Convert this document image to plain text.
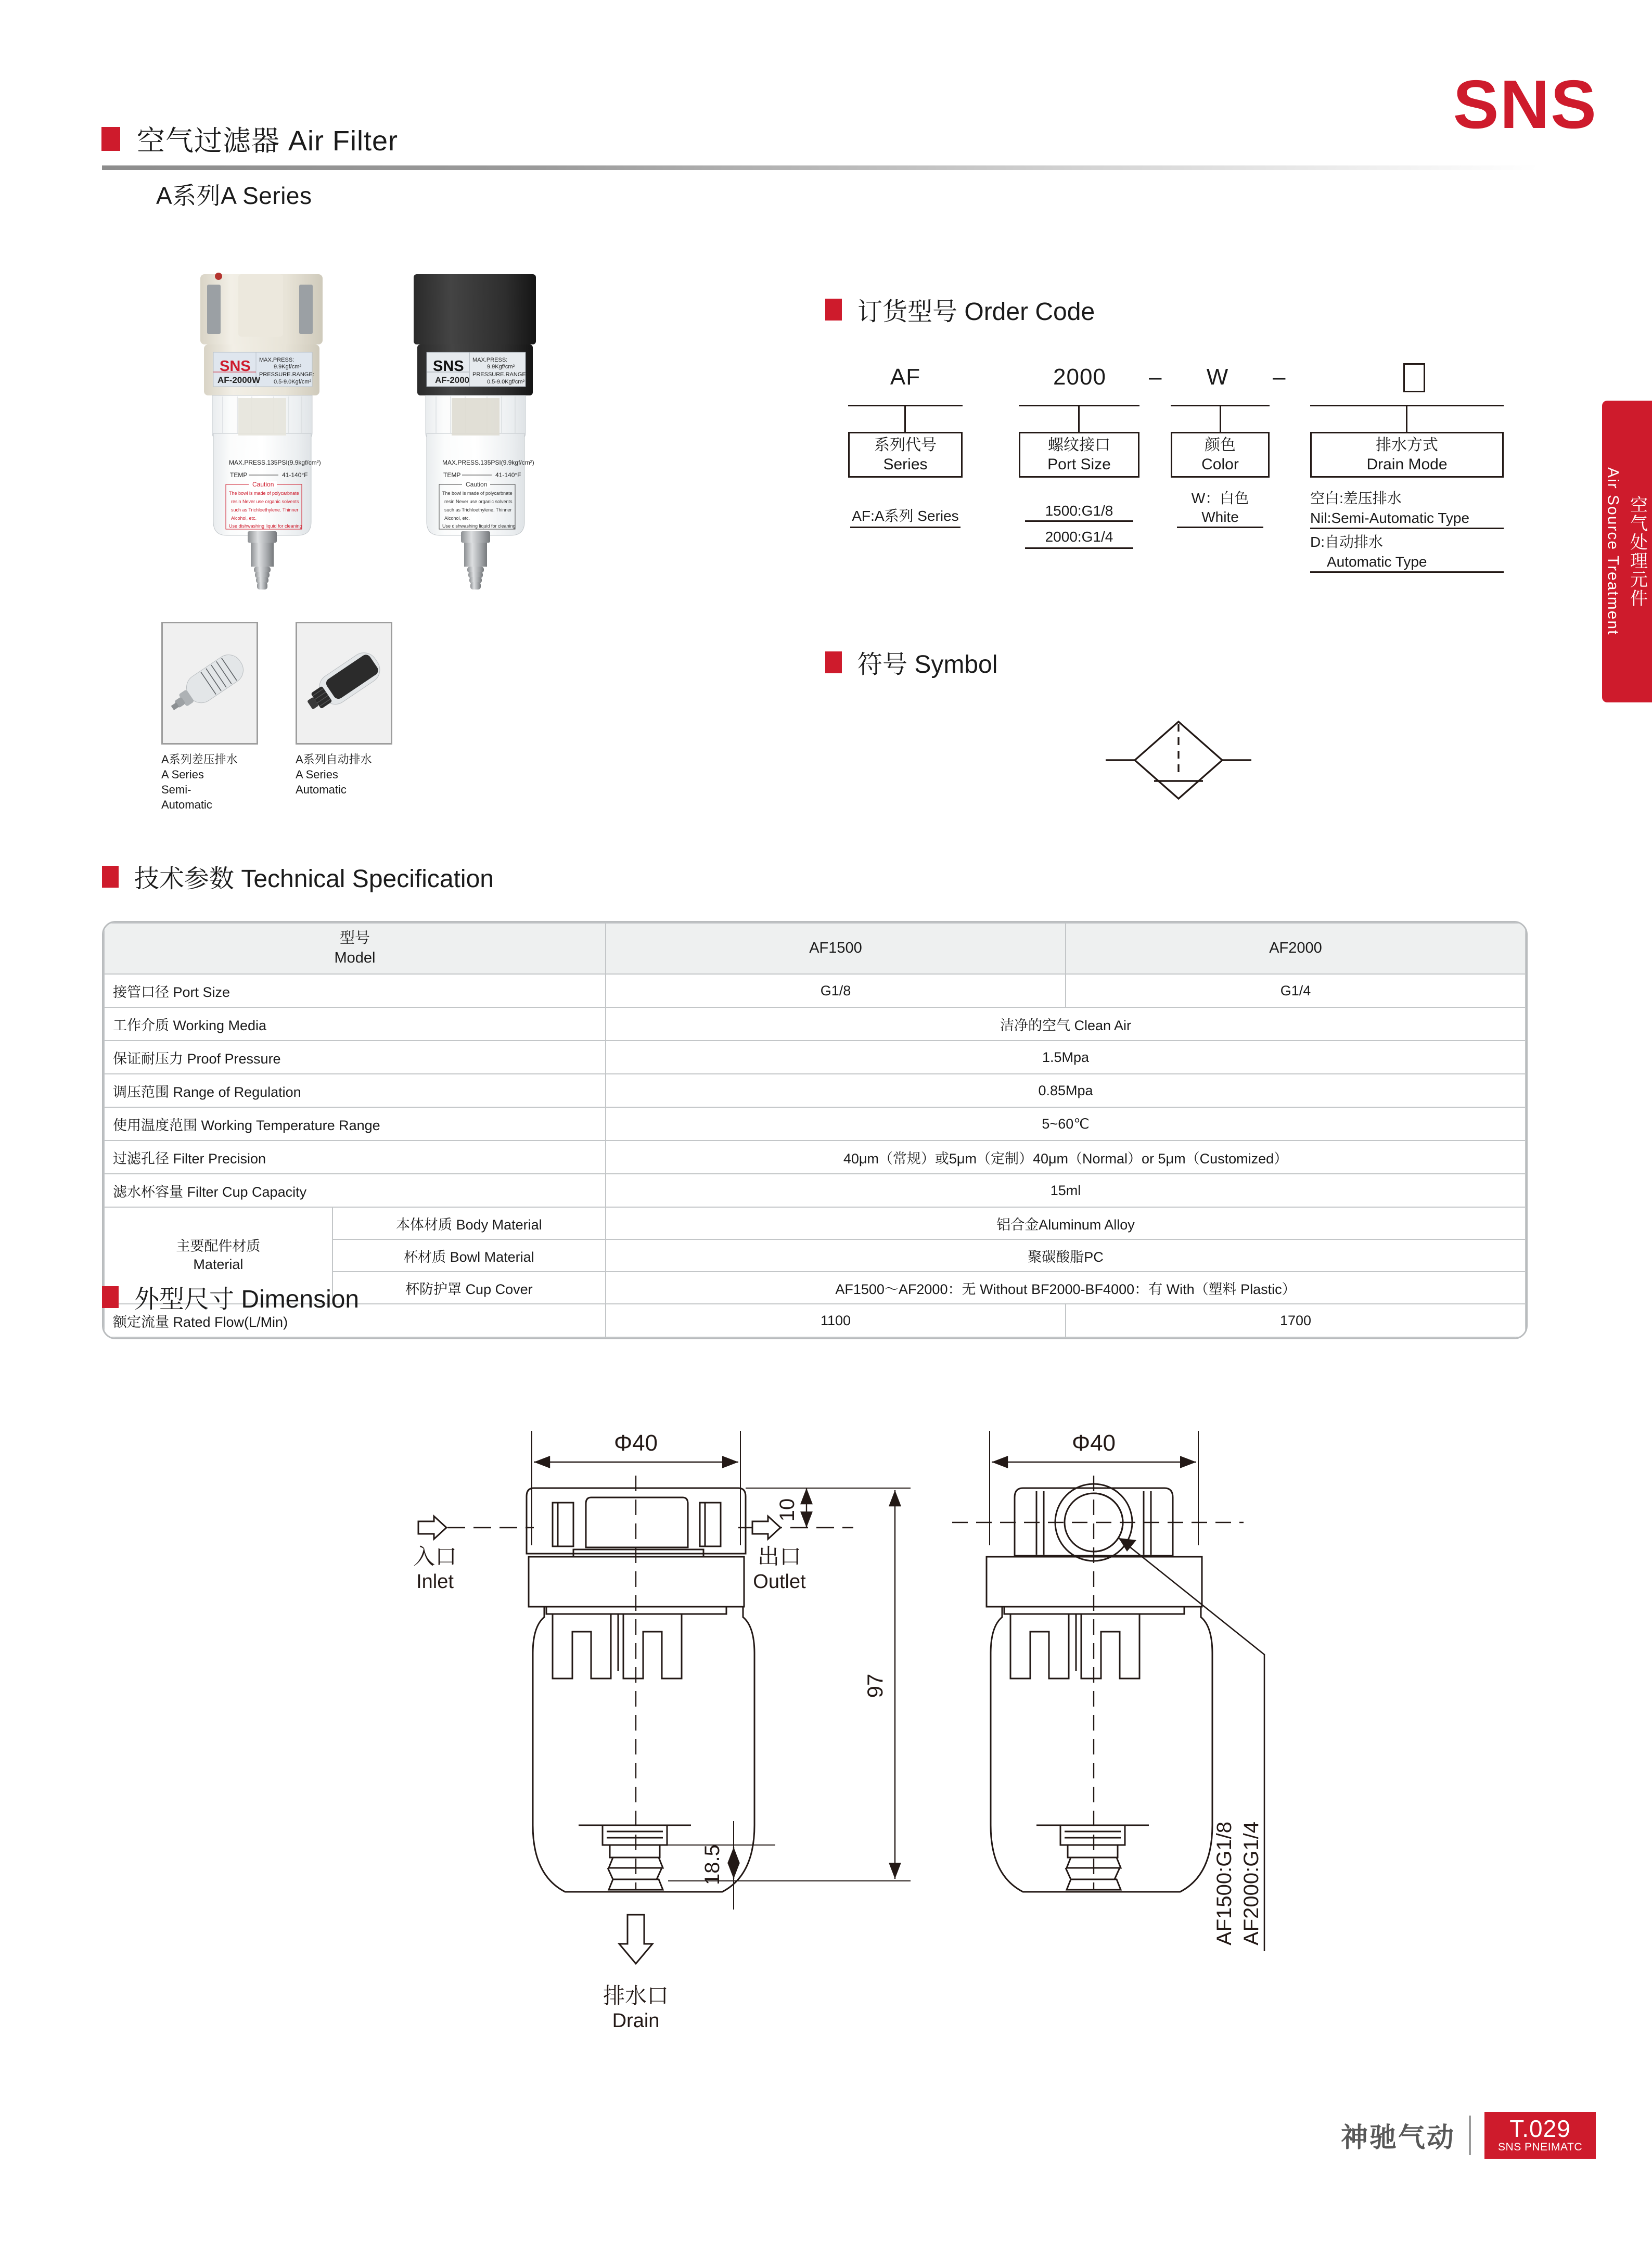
SNS
空气过滤器 Air Filter
A系列A Series
空气处理元件
Air Source Treatment
SNS
AF-2000W
MAX.PRESS:
9.9Kgf/cm²
PRESSURE.RANGE:
0.5-9.0Kgf/cm²
MAX.PRESS.135PSI(9.9kgf/cm²)
TEMP	41-140°F
Caution
The bowl is made of polycarbnate
resin Never use organic solvents
such as Trichloethylene. Thinner
Alcohol, etc.
Use dishwashing liquid for cleaning
SNS
AF-2000
MAX.PRESS:
9.9Kgf/cm²
PRESSURE.RANGE:
0.5-9.0Kgf/cm²
MAX.PRESS.135PSI(9.9kgf/cm²)
TEMP	41-140°F
Caution
The bowl is made of polycarbnate
resin Never use organic solvents
such as Trichloethylene. Thinner
Alcohol, etc.
Use dishwashing liquid for cleaning
A系列差压排水
A Series
Semi-
Automatic
A系列自动排水
A Series
Automatic
订货型号 Order Code
AF	2000	–	W	–
系列代号
Series
螺纹接口
Port Size
颜色
Color
排水方式
Drain Mode
AF:A系列 Series	1500:G1/8
2000:G1/4
W：白色
White
空白:差压排水
Nil:Semi-Automatic Type
D:自动排水
Automatic Type
符号 Symbol
技术参数 Technical Specification
型号
Model		AF1500	AF2000
接管口径 Port Size		G1/8	G1/4
工作介质 Working Media		洁净的空气 Clean Air	
保证耐压力 Proof Pressure		1.5Mpa	
调压范围 Range of Regulation		0.85Mpa	
使用温度范围 Working Temperature Range		5~60℃	
过滤孔径 Filter Precision		40μm（常规）或5μm（定制）40μm（Normal）or 5μm（Customized）	
滤水杯容量 Filter Cup Capacity		15ml	

主要配件材质
Material	本体材质 Body Material	铝合金Aluminum Alloy	
	杯材质 Bowl Material	聚碳酸脂PC	
	杯防护罩 Cup Cover	AF1500～AF2000：无 Without BF2000-BF4000：有 With（塑料 Plastic）	
额定流量 Rated Flow(L/Min)		1100	1700
外型尺寸 Dimension
Φ40
入口
Inlet
出口
Outlet
10
97
18.5
排水口
Drain
Φ40
AF1500:G1/8 AF2000:G1/4
神驰气动	T.029
SNS PNEIMATC
